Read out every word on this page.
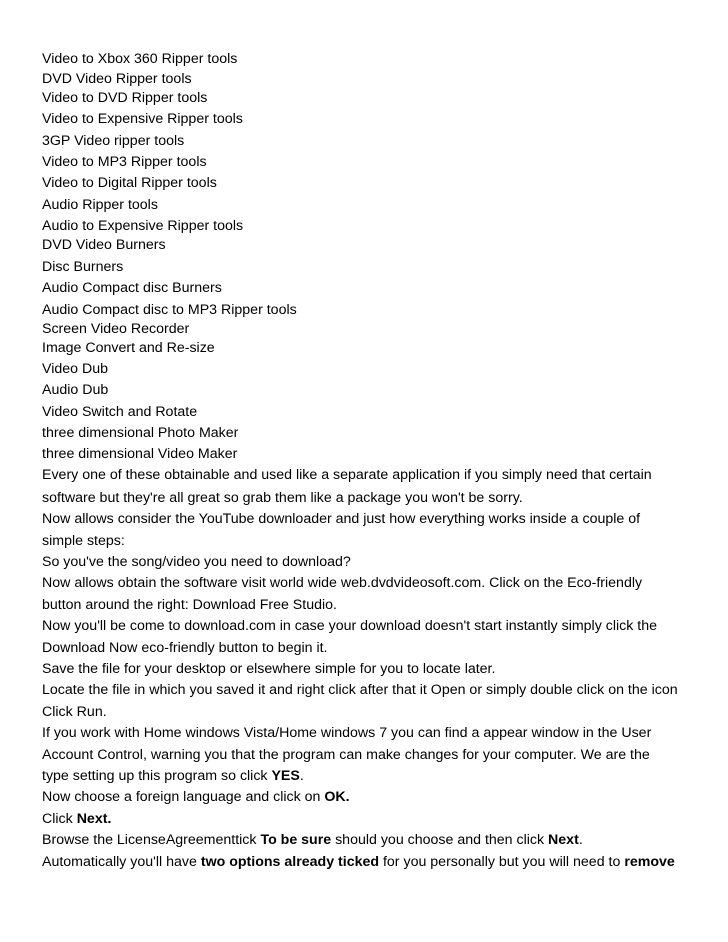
Video to Xbox 360 Ripper tools
DVD Video Ripper tools
Video to DVD Ripper tools
Video to Expensive Ripper tools
3GP Video ripper tools
Video to MP3 Ripper tools
Video to Digital Ripper tools
Audio Ripper tools
Audio to Expensive Ripper tools
DVD Video Burners
Disc Burners
Audio Compact disc Burners
Audio Compact disc to MP3 Ripper tools
Screen Video Recorder
Image Convert and Re-size
Video Dub
Audio Dub
Video Switch and Rotate
three dimensional Photo Maker
three dimensional Video Maker
Every one of these obtainable and used like a separate application if you simply need that certain
software but they're all great so grab them like a package you won't be sorry.
Now allows consider the YouTube downloader and just how everything works inside a couple of
simple steps:
So you've the song/video you need to download?
Now allows obtain the software visit world wide web.dvdvideosoft.com. Click on the Eco-friendly
button around the right: Download Free Studio.
Now you'll be come to download.com in case your download doesn't start instantly simply click the
Download Now eco-friendly button to begin it.
Save the file for your desktop or elsewhere simple for you to locate later.
Locate the file in which you saved it and right click after that it Open or simply double click on the icon
Click Run.
If you work with Home windows Vista/Home windows 7 you can find a appear window in the User
Account Control, warning you that the program can make changes for your computer. We are the
type setting up this program so click YES.
Now choose a foreign language and click on OK.
Click Next.
Browse the LicenseAgreementtick To be sure should you choose and then click Next.
Automatically you'll have two options already ticked for you personally but you will need to remove
